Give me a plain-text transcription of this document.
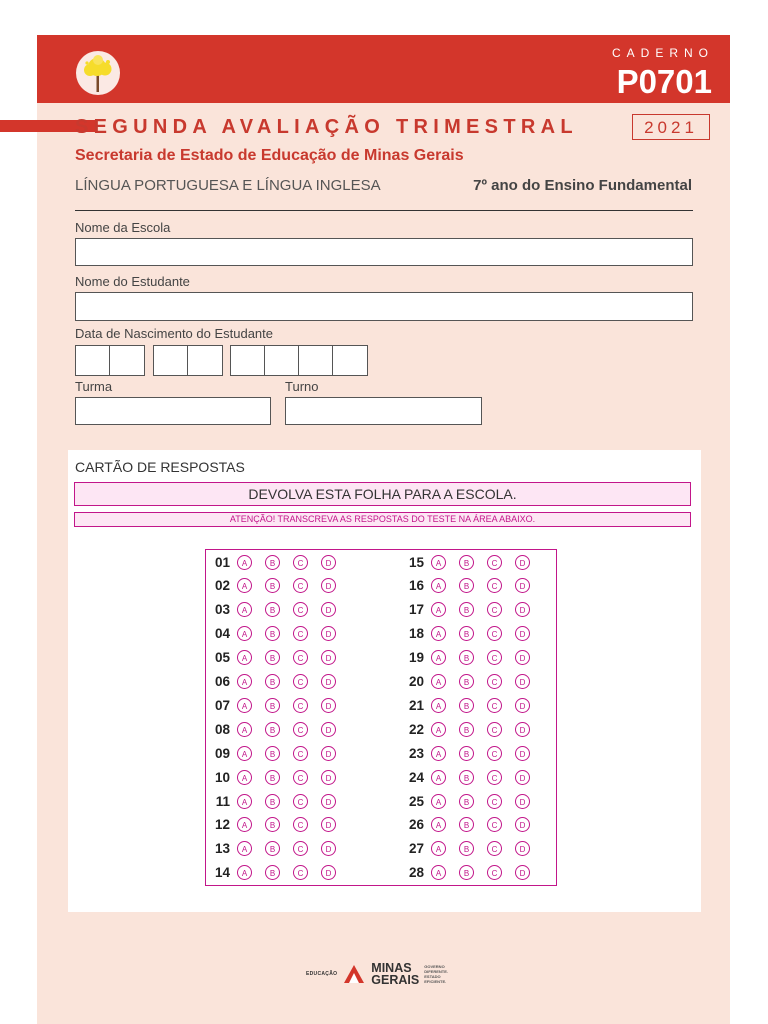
CADERNO
P0701
SEGUNDA AVALIAÇÃO TRIMESTRAL	2021
Secretaria de Estado de Educação de Minas Gerais
LÍNGUA PORTUGUESA E LÍNGUA INGLESA	7º ano do Ensino Fundamental
Nome da Escola
Nome do Estudante
Data de Nascimento do Estudante
Turma	Turno
CARTÃO DE RESPOSTAS
DEVOLVA ESTA FOLHA PARA A ESCOLA.
ATENÇÃO! TRANSCREVA AS RESPOSTAS DO TESTE NA ÁREA ABAIXO.
01	A	B	C	D
02	A	B	C	D
03	A	B	C	D
04	A	B	C	D
05	A	B	C	D
06	A	B	C	D
07	A	B	C	D
08	A	B	C	D
09	A	B	C	D
10	A	B	C	D
11	A	B	C	D
12	A	B	C	D
13	A	B	C	D
14	A	B	C	D
15	A	B	C	D
16	A	B	C	D
17	A	B	C	D
18	A	B	C	D
19	A	B	C	D
20	A	B	C	D
21	A	B	C	D
22	A	B	C	D
23	A	B	C	D
24	A	B	C	D
25	A	B	C	D
26	A	B	C	D
27	A	B	C	D
28	A	B	C	D
EDUCAÇÃO	MINAS
GERAIS
GOVERNO
DIFERENTE.
ESTADO
EFICIENTE.
